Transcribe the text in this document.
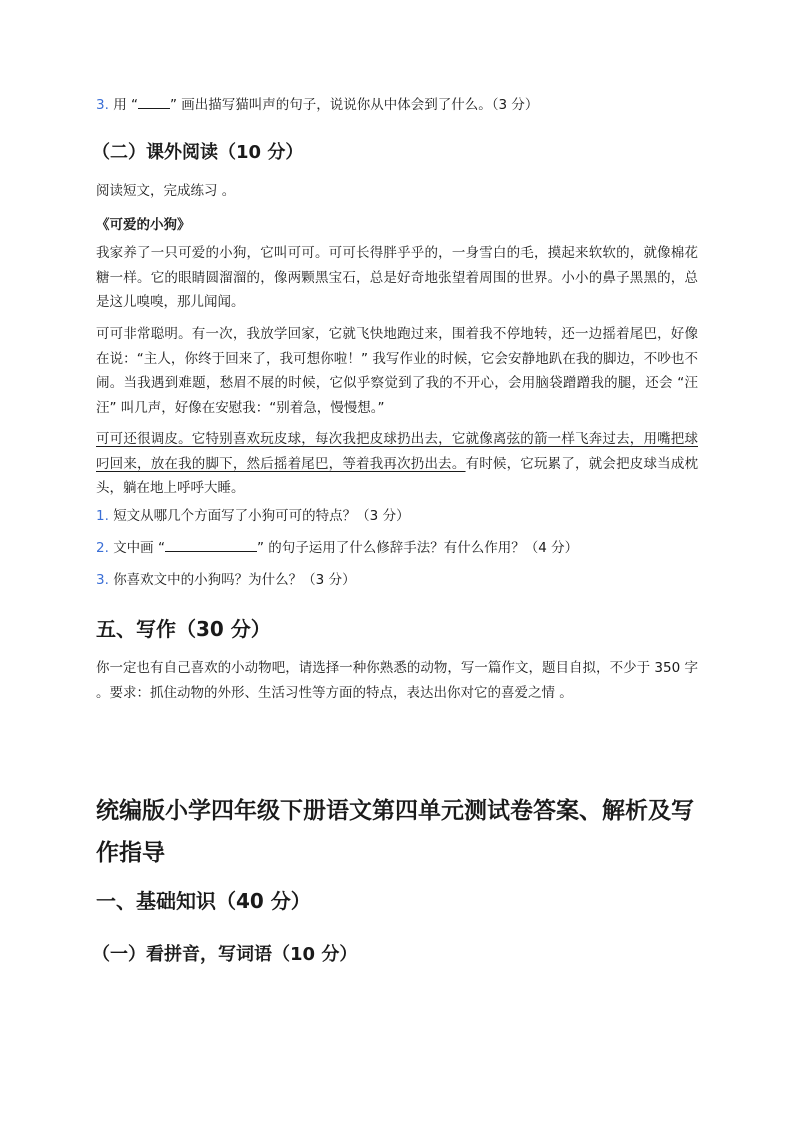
3. 用 “ ” 画出描写猫叫声的句子，说说你从中体会到了什么。（3 分）

（二）课外阅读（10 分）

阅读短文，完成练习 。

《可爱的小狗》

我家养了一只可爱的小狗，它叫可可。可可长得胖乎乎的，一身雪白的毛，摸起来软软的，就像棉花糖一样。它的眼睛圆溜溜的，像两颗黑宝石，总是好奇地张望着周围的世界。小小的鼻子黑黑的，总是这儿嗅嗅，那儿闻闻。

可可非常聪明。有一次，我放学回家，它就飞快地跑过来，围着我不停地转，还一边摇着尾巴，好像在说：“主人，你终于回来了，我可想你啦！” 我写作业的时候，它会安静地趴在我的脚边，不吵也不闹。当我遇到难题，愁眉不展的时候，它似乎察觉到了我的不开心，会用脑袋蹭蹭我的腿，还会 “汪汪” 叫几声，好像在安慰我：“别着急，慢慢想。”

可可还很调皮。它特别喜欢玩皮球，每次我把皮球扔出去，它就像离弦的箭一样飞奔过去，用嘴把球叼回来，放在我的脚下，然后摇着尾巴，等着我再次扔出去。有时候，它玩累了，就会把皮球当成枕头，躺在地上呼呼大睡。

1. 短文从哪几个方面写了小狗可可的特点？（3 分）

2. 文中画 “	” 的句子运用了什么修辞手法？有什么作用？（4 分）

3. 你喜欢文中的小狗吗？为什么？（3 分）

五、写作（30 分）

你一定也有自己喜欢的小动物吧，请选择一种你熟悉的动物，写一篇作文，题目自拟，不少于 350 字 。要求：抓住动物的外形、生活习性等方面的特点，表达出你对它的喜爱之情 。

统编版小学四年级下册语文第四单元测试卷答案、解析及写作指导
一、基础知识（40 分）
（一）看拼音，写词语（10 分）
